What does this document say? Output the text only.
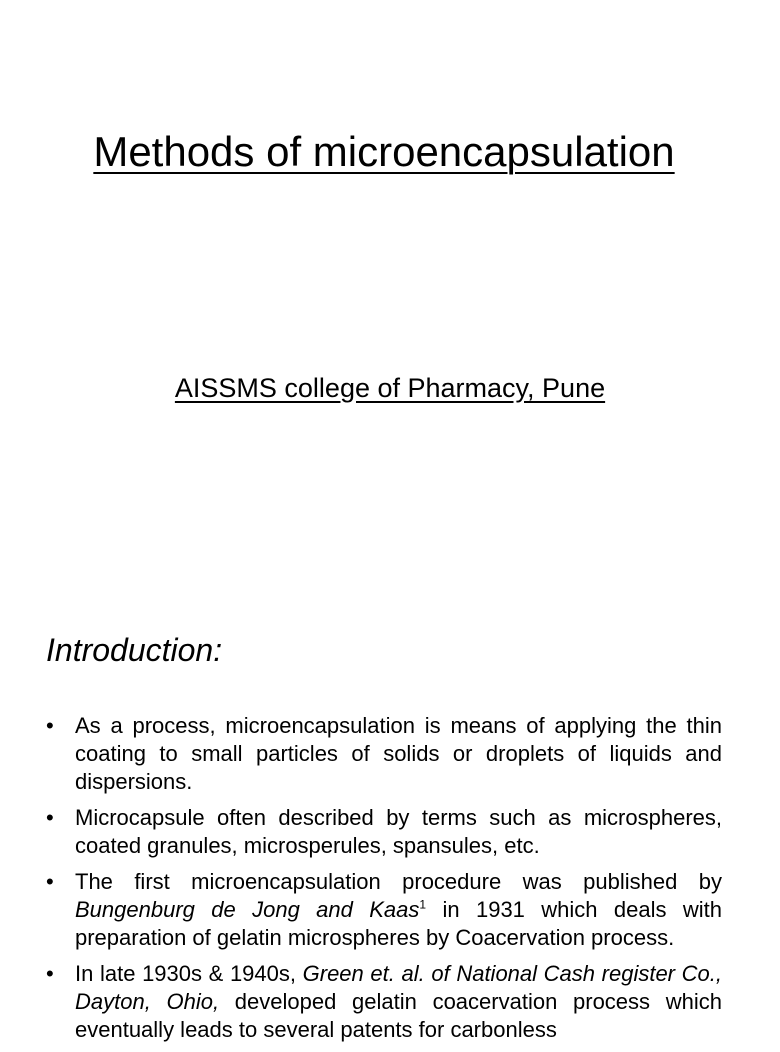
Methods of microencapsulation
AISSMS college of Pharmacy, Pune
Introduction:
• As a process, microencapsulation is means of applying the thin coating to small particles of solids or droplets of liquids and dispersions.
• Microcapsule often described by terms such as microspheres, coated granules, microsperules, spansules, etc.
• The first microencapsulation procedure was published by Bungenburg de Jong and Kaas$^1$ in 1931 which deals with preparation of gelatin microspheres by Coacervation process.
• In late 1930s & 1940s, Green et. al. of National Cash register Co., Dayton, Ohio, developed gelatin coacervation process which eventually leads to several patents for carbonless
